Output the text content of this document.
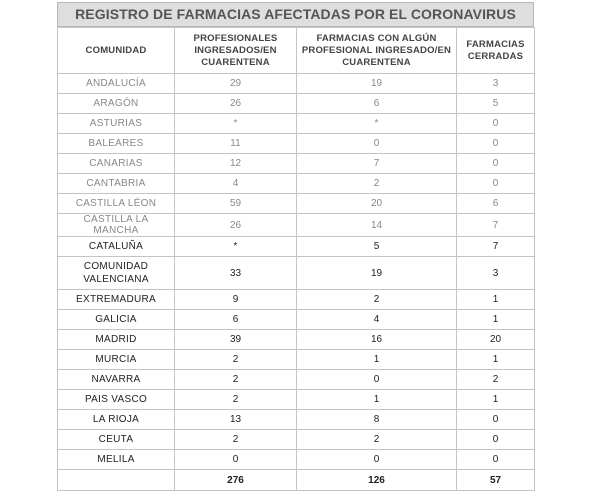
REGISTRO DE FARMACIAS AFECTADAS POR EL CORONAVIRUS
COMUNIDAD	PROFESIONALES INGRESADOS/EN CUARENTENA	FARMACIAS CON ALGÚN PROFESIONAL INGRESADO/EN CUARENTENA	FARMACIAS CERRADAS
ANDALUCÍA	29	19	3
ARAGÓN	26	6	5
ASTURIAS	*	*	0
BALEARES	11	0	0
CANARIAS	12	7	0
CANTABRIA	4	2	0
CASTILLA LÉON	59	20	6
CASTILLA LA MANCHA	26	14	7
CATALUÑA	*	5	7
COMUNIDAD VALENCIANA	33	19	3
EXTREMADURA	9	2	1
GALICIA	6	4	1
MADRID	39	16	20
MURCIA	2	1	1
NAVARRA	2	0	2
PAIS VASCO	2	1	1
LA RIOJA	13	8	0
CEUTA	2	2	0
MELILA	0	0	0
	276	126	57
